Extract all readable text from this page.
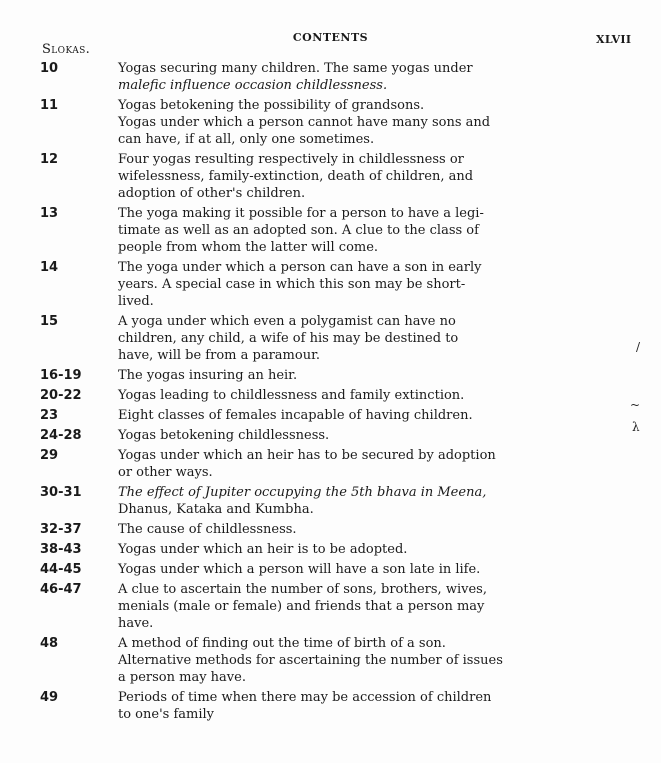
CONTENTS	XLVII
Slokas.
10	Yogas securing many children. The same yogas under
malefic influence occasion childlessness.
11	Yogas betokening the possibility of grandsons.
Yogas under which a person cannot have many sons and
can have, if at all, only one sometimes.
12	Four yogas resulting respectively in childlessness or
wifelessness, family-extinction, death of children, and
adoption of other's children.
13	The yoga making it possible for a person to have a legi-
timate as well as an adopted son. A clue to the class of
people from whom the latter will come.
14	The yoga under which a person can have a son in early
years. A special case in which this son may be short-
lived.
15	A yoga under which even a polygamist can have no
children, any child, a wife of his may be destined to
have, will be from a paramour.
16-19	The yogas insuring an heir.
20-22	Yogas leading to childlessness and family extinction.
23	Eight classes of females incapable of having children.
24-28	Yogas betokening childlessness.
29	Yogas under which an heir has to be secured by adoption
or other ways.
30-31	The effect of Jupiter occupying the 5th bhava in Meena,
Dhanus, Kataka and Kumbha.
32-37	The cause of childlessness.
38-43	Yogas under which an heir is to be adopted.
44-45	Yogas under which a person will have a son late in life.
46-47	A clue to ascertain the number of sons, brothers, wives,
menials (male or female) and friends that a person may
have.
48	A method of finding out the time of birth of a son.
Alternative methods for ascertaining the number of issues
a person may have.
49	Periods of time when there may be accession of children
to one's family
/
~
λ
